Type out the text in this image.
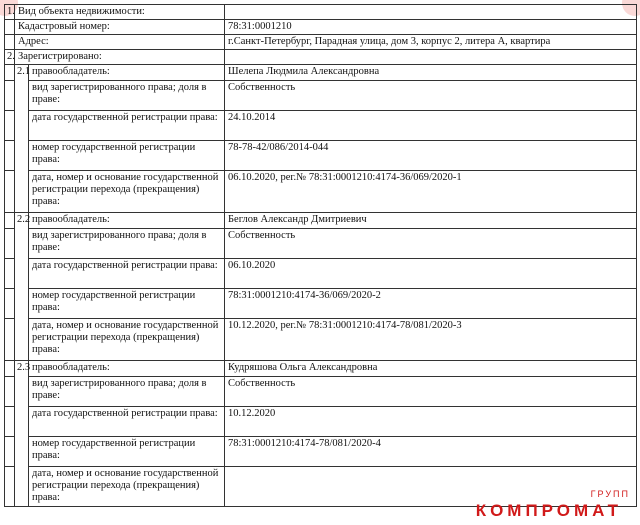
1.	Вид объекта недвижимости:		
	Кадастровый номер:		78:31:0001210
	Адрес:		г.Санкт-Петербург, Парадная улица, дом 3, корпус 2, литера А, квартира
2.	Зарегистрировано:		
	2.1	правообладатель:	Шелепа Людмила Александровна
		вид зарегистрированного права; доля в праве:	Собственность
		дата государственной регистрации права:	24.10.2014
		номер государственной регистрации права:	78-78-42/086/2014-044
		дата, номер и основание государственной регистрации перехода (прекращения) права:	06.10.2020, рег.№ 78:31:0001210:4174-36/069/2020-1
	2.2	правообладатель:	Беглов Александр Дмитриевич
		вид зарегистрированного права; доля в праве:	Собственность
		дата государственной регистрации права:	06.10.2020
		номер государственной регистрации права:	78:31:0001210:4174-36/069/2020-2
		дата, номер и основание государственной регистрации перехода (прекращения) права:	10.12.2020, рег.№ 78:31:0001210:4174-78/081/2020-3
	2.3	правообладатель:	Кудряшова Ольга Александровна
		вид зарегистрированного права; доля в праве:	Собственность
		дата государственной регистрации права:	10.12.2020
		номер государственной регистрации права:	78:31:0001210:4174-78/081/2020-4
		дата, номер и основание государственной регистрации перехода (прекращения) права:		ГРУПП
КОМПРОМАТ
